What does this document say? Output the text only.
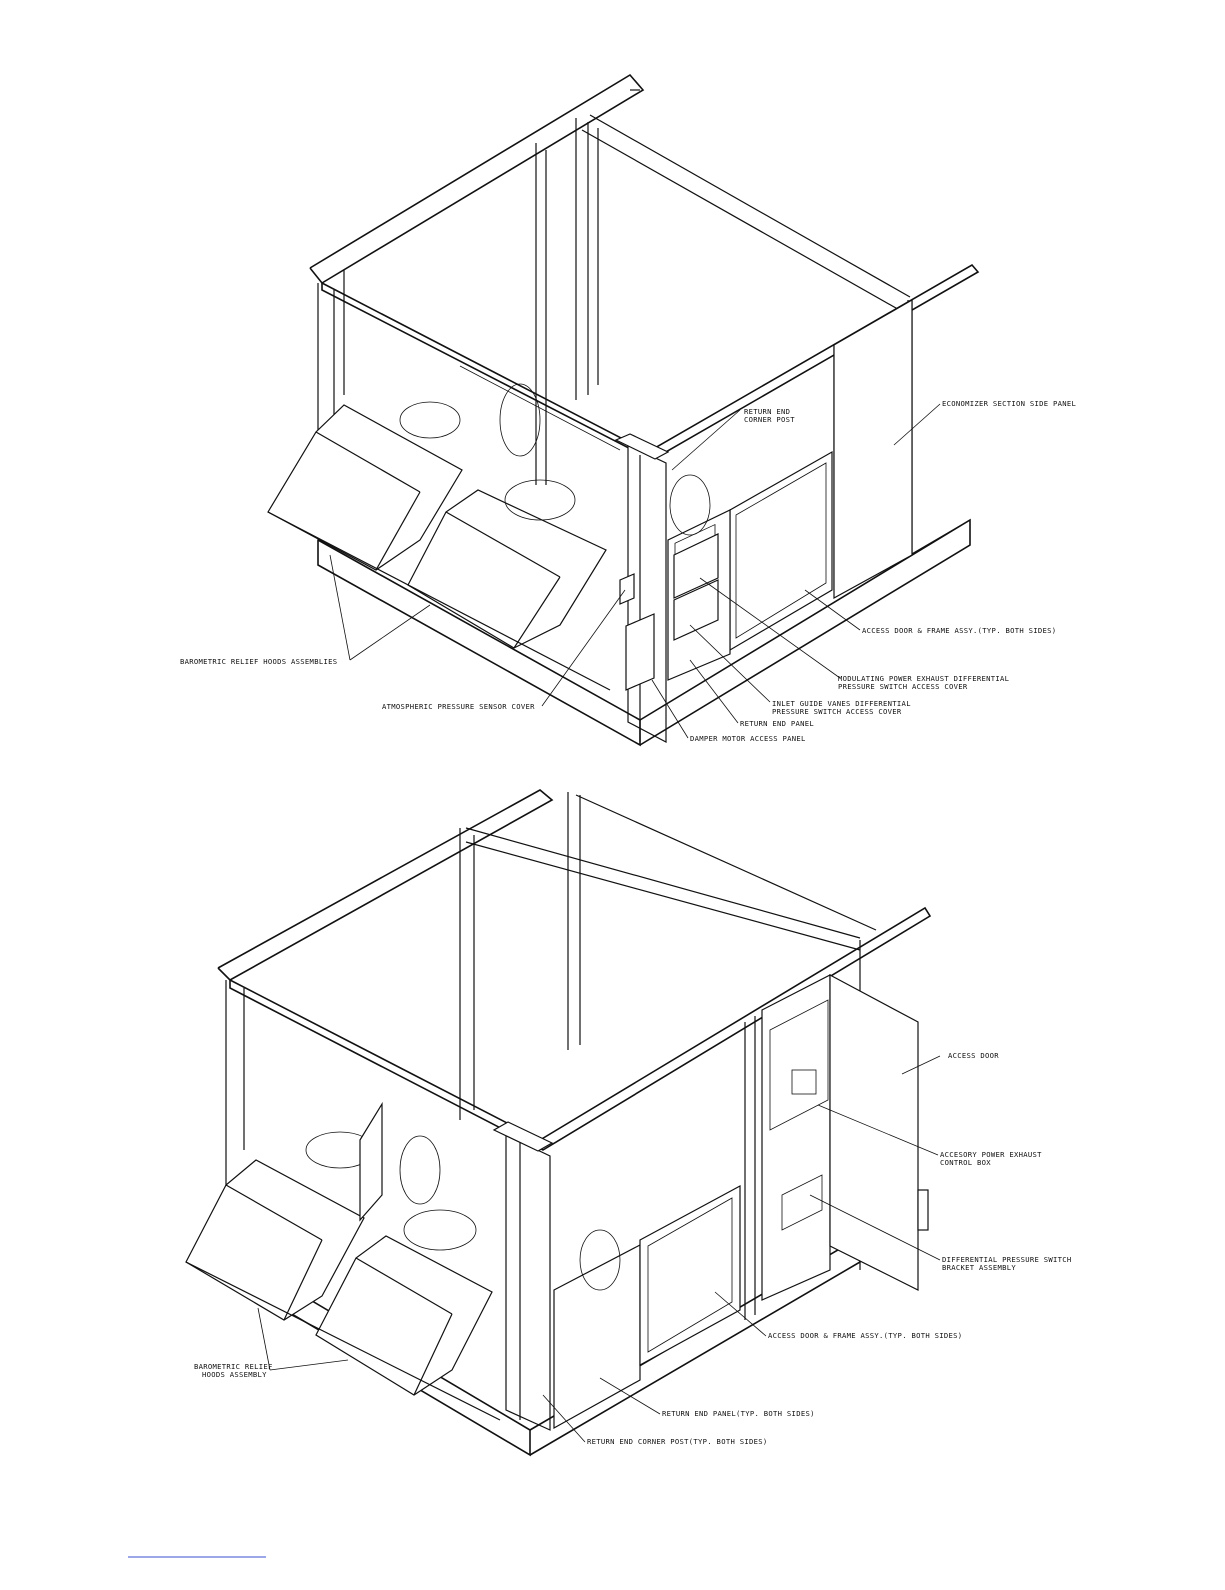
ECONOMIZER SECTION SIDE PANEL
RETURN END
CORNER POST
ACCESS DOOR & FRAME ASSY.(TYP. BOTH SIDES)
MODULATING POWER EXHAUST DIFFERENTIAL
PRESSURE SWITCH ACCESS COVER
INLET GUIDE VANES DIFFERENTIAL
PRESSURE SWITCH ACCESS COVER
RETURN END PANEL
DAMPER MOTOR ACCESS PANEL
ATMOSPHERIC PRESSURE SENSOR COVER
BAROMETRIC RELIEF HOODS ASSEMBLIES
ACCESS DOOR
ACCESORY POWER EXHAUST
CONTROL BOX
DIFFERENTIAL PRESSURE SWITCH
BRACKET ASSEMBLY
ACCESS DOOR & FRAME ASSY.(TYP. BOTH SIDES)
RETURN END PANEL(TYP. BOTH SIDES)
RETURN END CORNER POST(TYP. BOTH SIDES)
BAROMETRIC RELIEF
HOODS ASSEMBLY
